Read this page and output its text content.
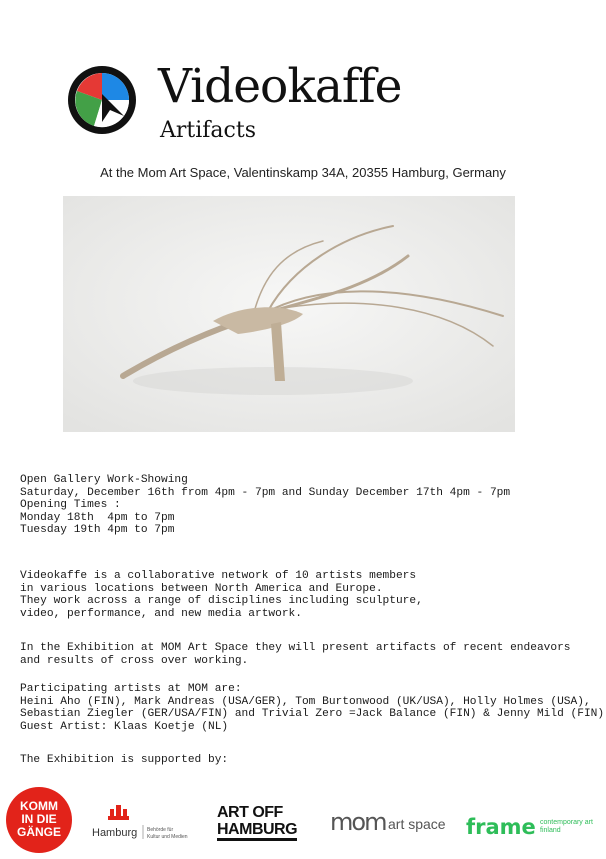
Videokaffe
Artifacts
At the Mom Art Space, Valentinskamp 34A, 20355 Hamburg, Germany

Open Gallery Work-Showing
Saturday, December 16th from 4pm - 7pm and Sunday December 17th 4pm - 7pm
Opening Times :
Monday 18th  4pm to 7pm
Tuesday 19th 4pm to 7pm

Videokaffe is a collaborative network of 10 artists members
in various locations between North America and Europe.
They work across a range of disciplines including sculpture,
video, performance, and new media artwork.

In the Exhibition at MOM Art Space they will present artifacts of recent endeavors
and results of cross over working.

Participating artists at MOM are:
Heini Aho (FIN), Mark Andreas (USA/GER), Tom Burtonwood (UK/USA), Holly Holmes (USA),
Sebastian Ziegler (GER/USA/FIN) and Trivial Zero =Jack Balance (FIN) & Jenny Mild (FIN)
Guest Artist: Klaas Koetje (NL)

The Exhibition is supported by:
KOMM
IN DIE
GÄNGE	Hamburg Behörde für
Kultur und Medien
ART OFF
HAMBURG mom art space frame contemporary art
finland
